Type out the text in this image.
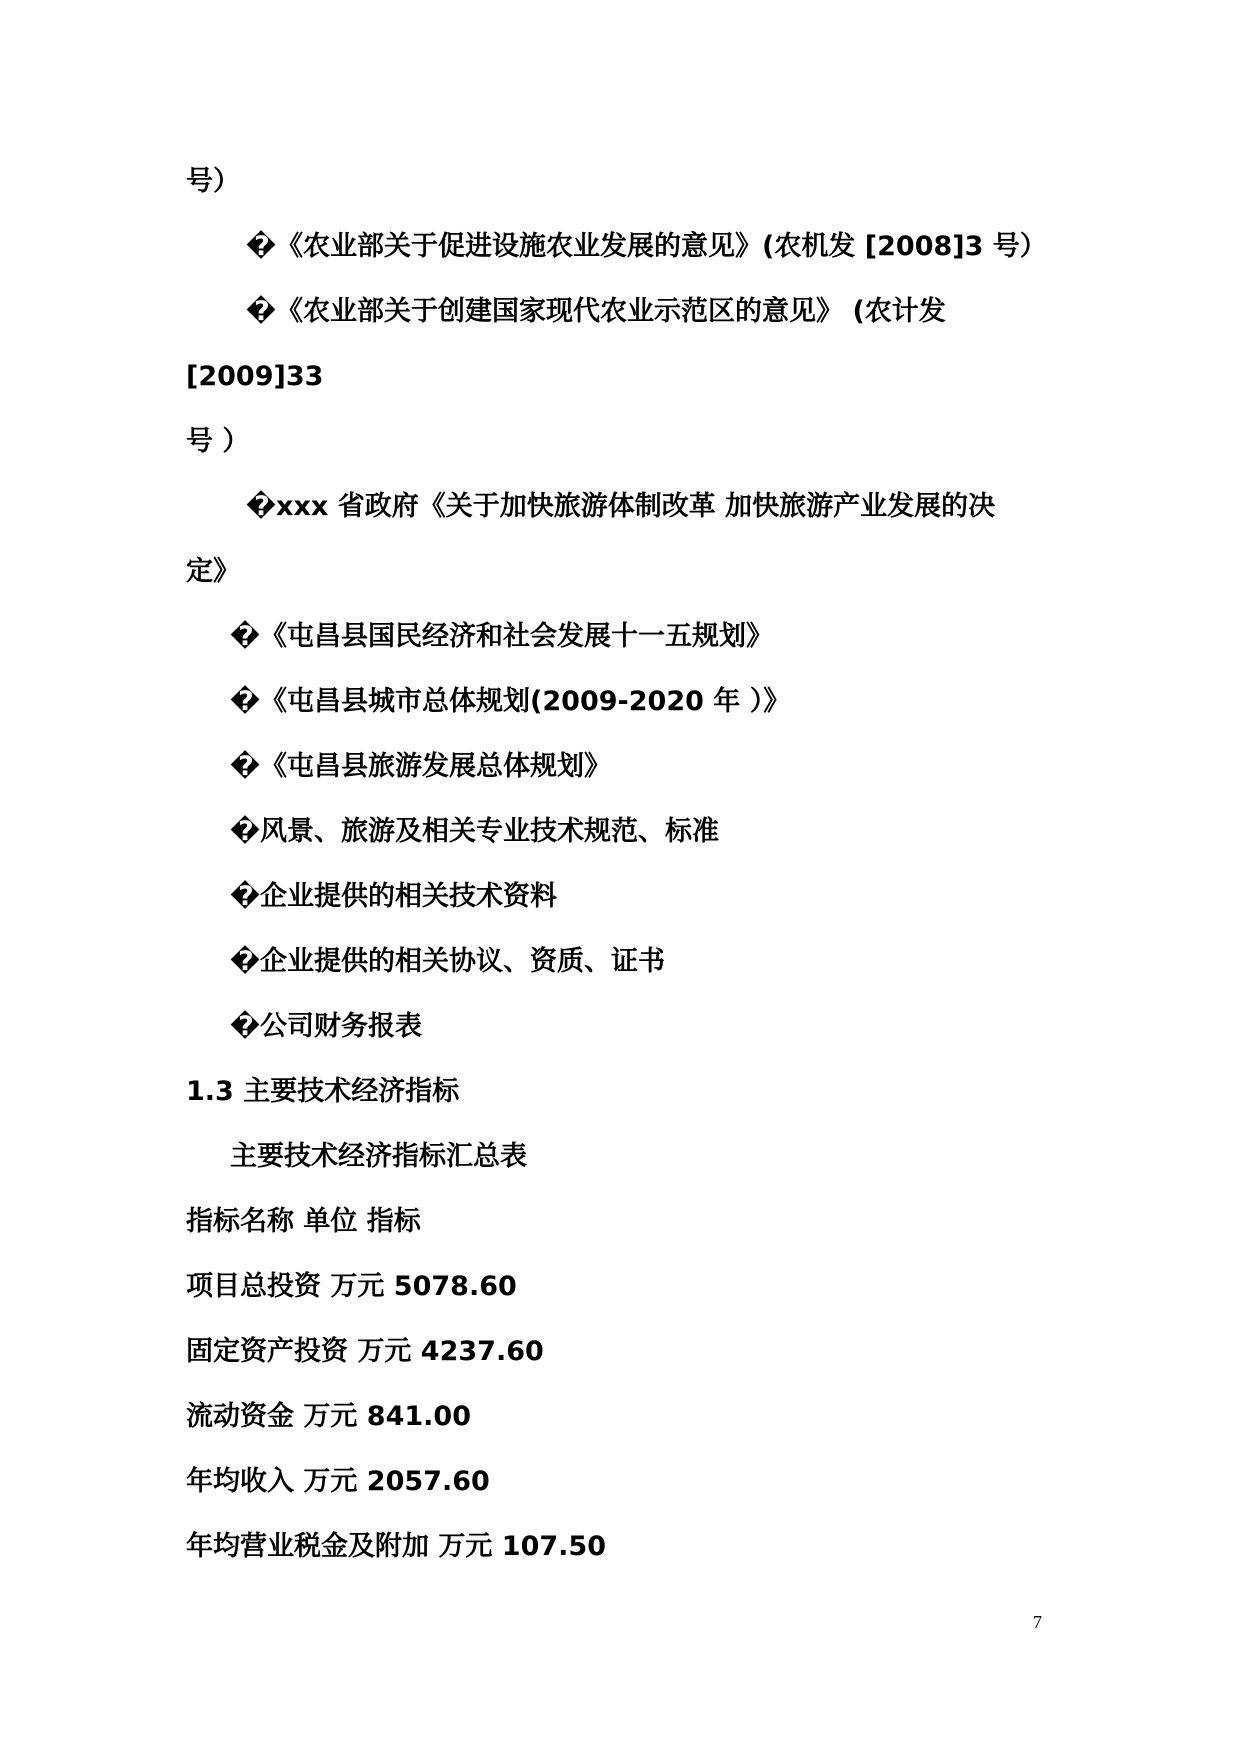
号）
�《农业部关于促进设施农业发展的意见》(农机发 [2008]3 号）
�《农业部关于创建国家现代农业示范区的意见》 (农计发
[2009]33
号 ）
�xxx 省政府《关于加快旅游体制改革 加快旅游产业发展的决
定》
�《屯昌县国民经济和社会发展十一五规划》
�《屯昌县城市总体规划(2009-2020 年 ）》
�《屯昌县旅游发展总体规划》
�风景、旅游及相关专业技术规范、标准
�企业提供的相关技术资料
�企业提供的相关协议、资质、证书
�公司财务报表
1.3 主要技术经济指标
主要技术经济指标汇总表
指标名称 单位 指标
项目总投资 万元 5078.60
固定资产投资 万元 4237.60
流动资金 万元 841.00
年均收入 万元 2057.60
年均营业税金及附加 万元 107.50
7
